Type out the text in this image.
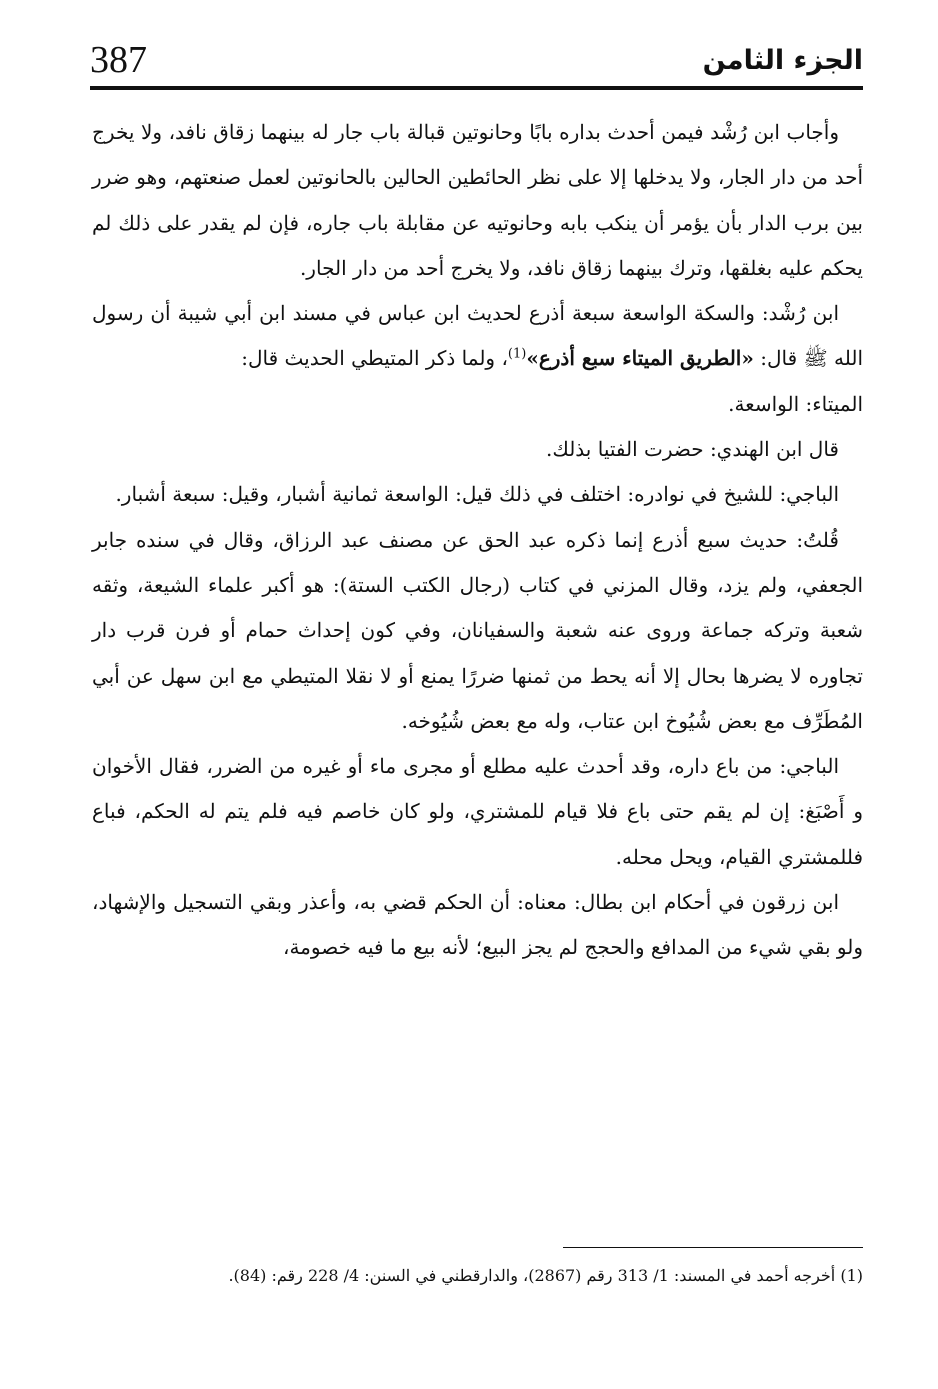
387	الجزء الثامن

وأجاب ابن رُشْد فيمن أحدث بداره بابًا وحانوتين قبالة باب جار له بينهما زقاق نافد، ولا يخرج أحد من دار الجار، ولا يدخلها إلا على نظر الحائطين الحالين بالحانوتين لعمل صنعتهم، وهو ضرر بين برب الدار بأن يؤمر أن ينكب بابه وحانوتيه عن مقابلة باب جاره، فإن لم يقدر على ذلك لم يحكم عليه بغلقها، وترك بينهما زقاق نافد، ولا يخرج أحد من دار الجار.

ابن رُشْد: والسكة الواسعة سبعة أذرع لحديث ابن عباس في مسند ابن أبي شيبة أن رسول الله ﷺ قال: «الطريق الميتاء سبع أذرع»$^{(1)}$، ولما ذكر المتيطي الحديث قال:

الميتاء: الواسعة.

قال ابن الهندي: حضرت الفتيا بذلك.

الباجي: للشيخ في نوادره: اختلف في ذلك قيل: الواسعة ثمانية أشبار، وقيل: سبعة أشبار.

قُلتُ: حديث سبع أذرع إنما ذكره عبد الحق عن مصنف عبد الرزاق، وقال في سنده جابر الجعفي، ولم يزد، وقال المزني في كتاب (رجال الكتب الستة): هو أكبر علماء الشيعة، وثقه شعبة وتركه جماعة وروى عنه شعبة والسفيانان، وفي كون إحداث حمام أو فرن قرب دار تجاوره لا يضرها بحال إلا أنه يحط من ثمنها ضررًا يمنع أو لا نقلا المتيطي مع ابن سهل عن أبي المُطَرِّف مع بعض شُيُوخ ابن عتاب، وله مع بعض شُيُوخه.

الباجي: من باع داره، وقد أحدث عليه مطلع أو مجرى ماء أو غيره من الضرر، فقال الأخوان و أَصْبَغ: إن لم يقم حتى باع فلا قيام للمشتري، ولو كان خاصم فيه فلم يتم له الحكم، فباع فللمشتري القيام، ويحل محله.

ابن زرقون في أحكام ابن بطال: معناه: أن الحكم قضي به، وأعذر وبقي التسجيل والإشهاد، ولو بقي شيء من المدافع والحجج لم يجز البيع؛ لأنه بيع ما فيه خصومة،

(1) أخرجه أحمد في المسند: 1/ 313 رقم (2867)، والدارقطني في السنن: 4/ 228 رقم: (84).
